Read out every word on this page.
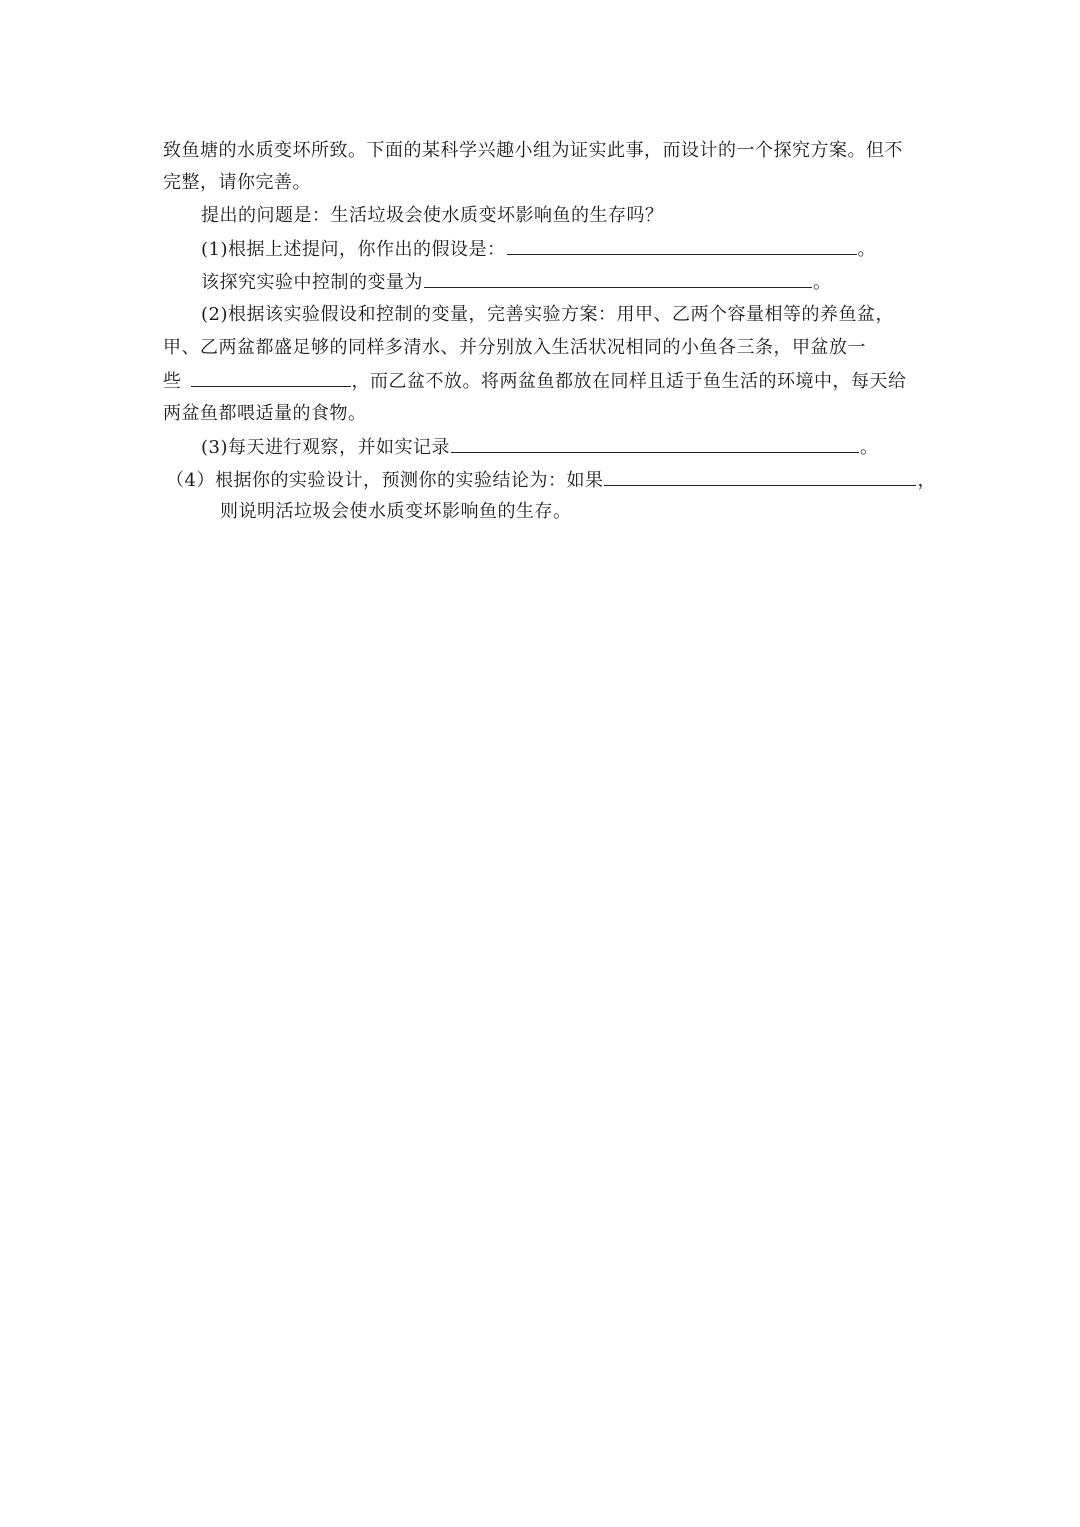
致鱼塘的水质变坏所致。下面的某科学兴趣小组为证实此事，而设计的一个探究方案。但不
完整，请你完善。
提出的问题是：生活垃圾会使水质变坏影响鱼的生存吗？
(1)根据上述提问，你作出的假设是：	。
该探究实验中控制的变量为	。
(2)根据该实验假设和控制的变量，完善实验方案：用甲、乙两个容量相等的养鱼盆，
甲、乙两盆都盛足够的同样多清水、并分别放入生活状况相同的小鱼各三条，甲盆放一
些	，而乙盆不放。将两盆鱼都放在同样且适于鱼生活的环境中，每天给
两盆鱼都喂适量的食物。
(3)每天进行观察，并如实记录	。
（4）根据你的实验设计，预测你的实验结论为：如果	，
则说明活垃圾会使水质变坏影响鱼的生存。
